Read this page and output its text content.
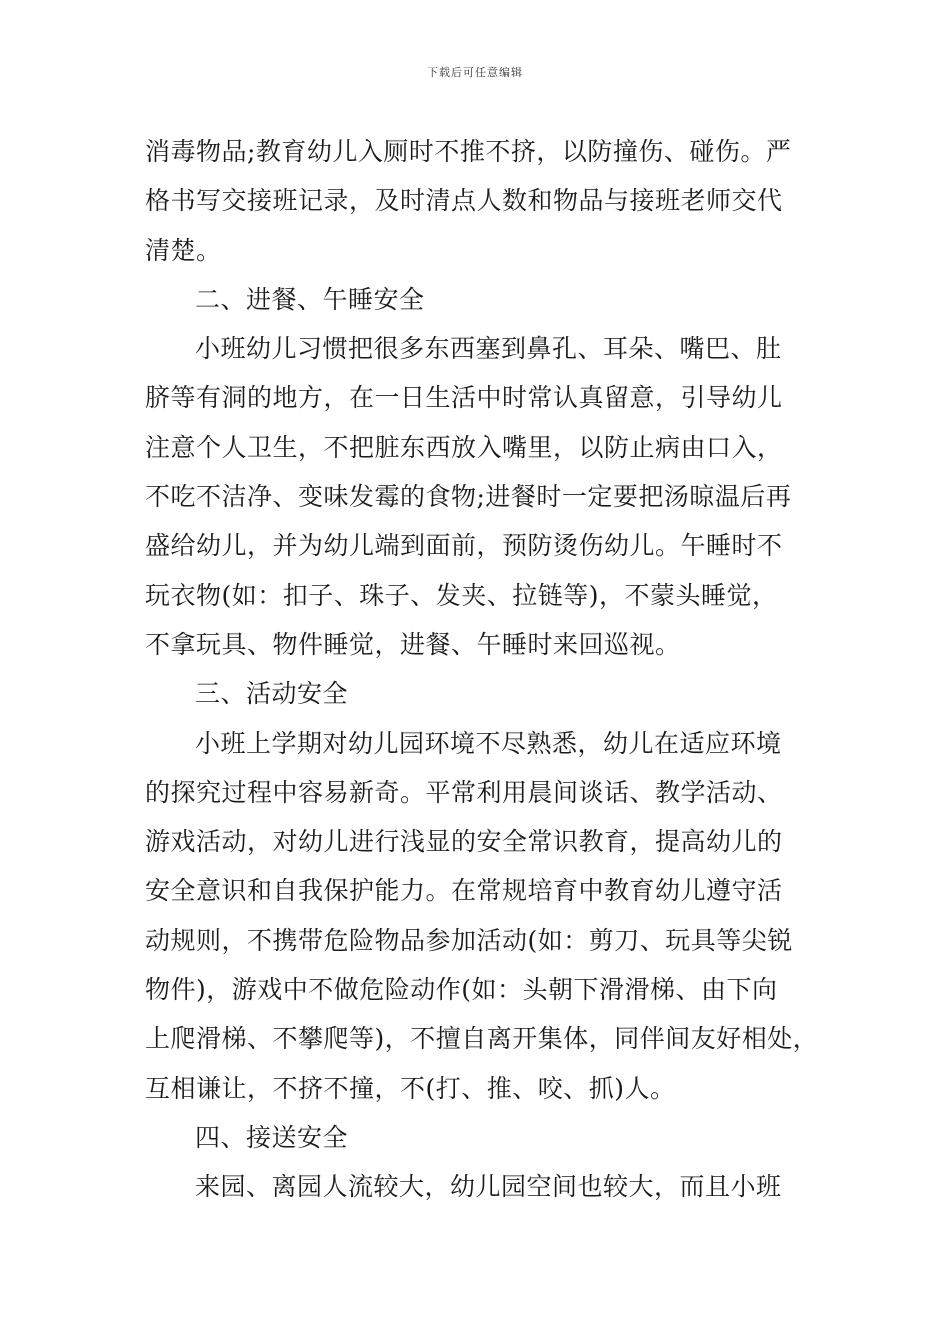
下载后可任意编辑
消毒物品;教育幼儿入厕时不推不挤，以防撞伤、碰伤。严
格书写交接班记录，及时清点人数和物品与接班老师交代
清楚。
二、进餐、午睡安全
小班幼儿习惯把很多东西塞到鼻孔、耳朵、嘴巴、肚
脐等有洞的地方，在一日生活中时常认真留意，引导幼儿
注意个人卫生，不把脏东西放入嘴里，以防止病由口入，
不吃不洁净、变味发霉的食物;进餐时一定要把汤晾温后再
盛给幼儿，并为幼儿端到面前，预防烫伤幼儿。午睡时不
玩衣物(如：扣子、珠子、发夹、拉链等)，不蒙头睡觉，
不拿玩具、物件睡觉，进餐、午睡时来回巡视。
三、活动安全
小班上学期对幼儿园环境不尽熟悉，幼儿在适应环境
的探究过程中容易新奇。平常利用晨间谈话、教学活动、
游戏活动，对幼儿进行浅显的安全常识教育，提高幼儿的
安全意识和自我保护能力。在常规培育中教育幼儿遵守活
动规则，不携带危险物品参加活动(如：剪刀、玩具等尖锐
物件)，游戏中不做危险动作(如：头朝下滑滑梯、由下向
上爬滑梯、不攀爬等)，不擅自离开集体，同伴间友好相处，
互相谦让，不挤不撞，不(打、推、咬、抓)人。
四、接送安全
来园、离园人流较大，幼儿园空间也较大，而且小班
